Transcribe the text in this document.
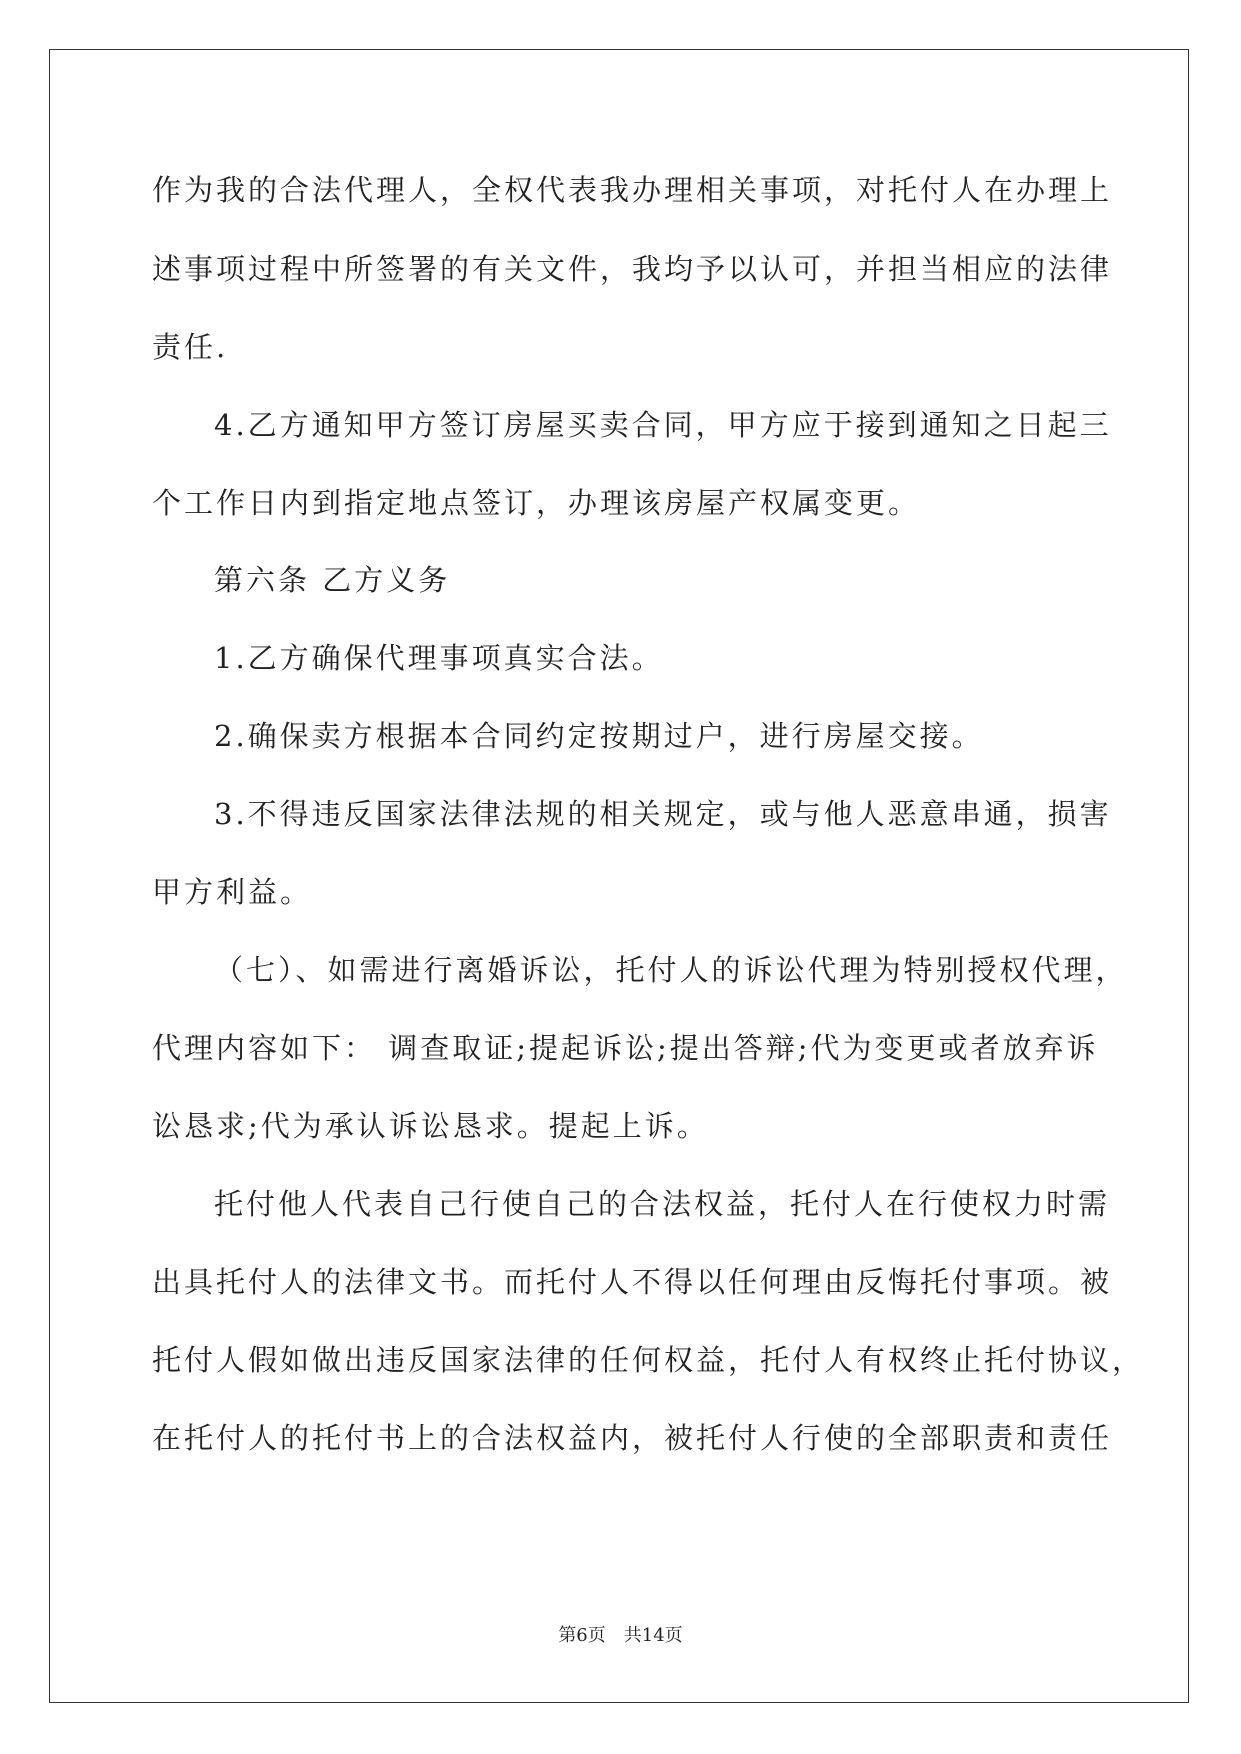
作为我的合法代理人，全权代表我办理相关事项，对托付人在办理上
述事项过程中所签署的有关文件，我均予以认可，并担当相应的法律
责任.
4.乙方通知甲方签订房屋买卖合同，甲方应于接到通知之日起三
个工作日内到指定地点签订，办理该房屋产权属变更。
第六条 乙方义务
1.乙方确保代理事项真实合法。
2.确保卖方根据本合同约定按期过户，进行房屋交接。
3.不得违反国家法律法规的相关规定，或与他人恶意串通，损害
甲方利益。
（七）、如需进行离婚诉讼，托付人的诉讼代理为特别授权代理，
代理内容如下： 调查取证;提起诉讼;提出答辩;代为变更或者放弃诉
讼恳求;代为承认诉讼恳求。提起上诉。
托付他人代表自己行使自己的合法权益，托付人在行使权力时需
出具托付人的法律文书。而托付人不得以任何理由反悔托付事项。被
托付人假如做出违反国家法律的任何权益，托付人有权终止托付协议，
在托付人的托付书上的合法权益内，被托付人行使的全部职责和责任
第6页 共14页
